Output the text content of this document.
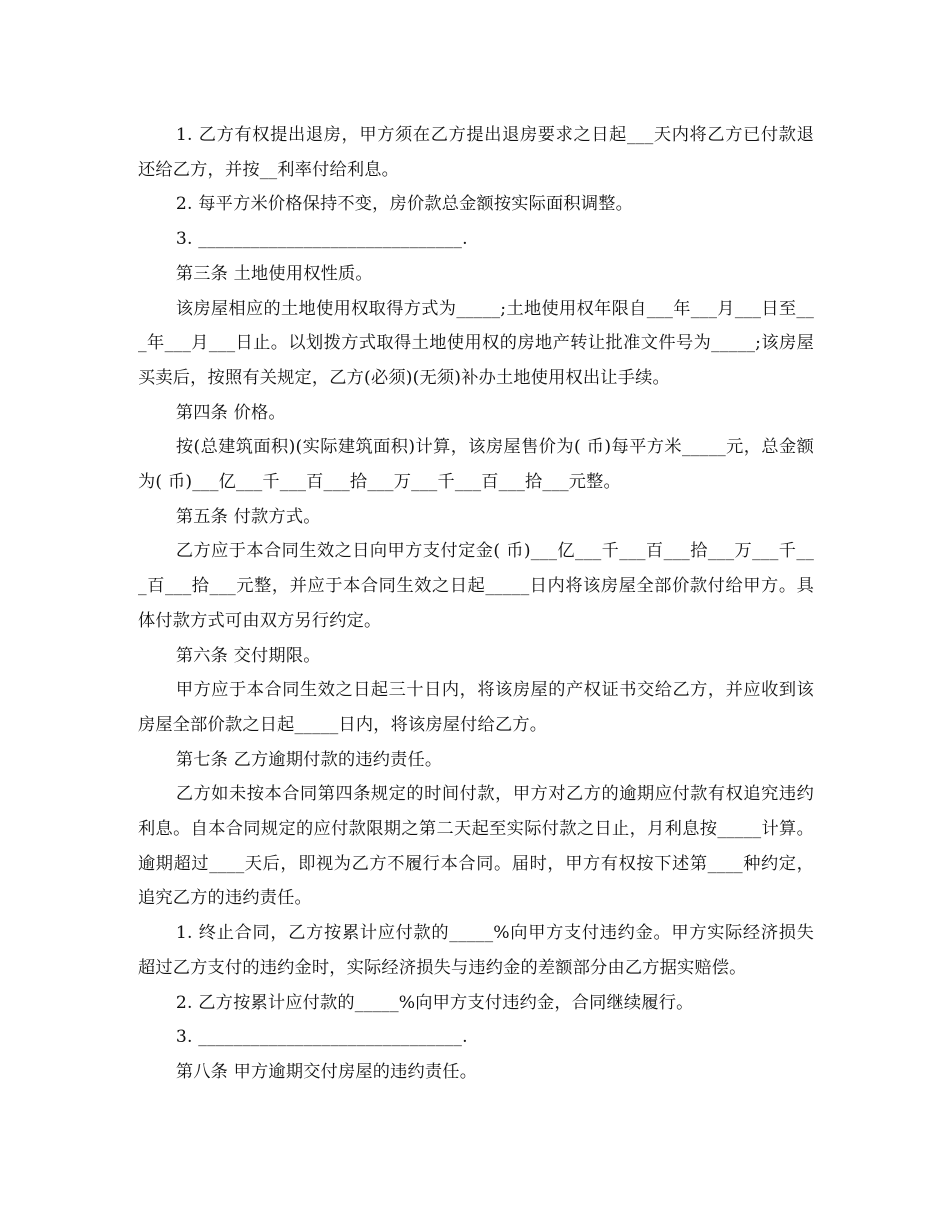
1. 乙方有权提出退房，甲方须在乙方提出退房要求之日起___天内将乙方已付款退还给乙方，并按__利率付给利息。

2. 每平方米价格保持不变，房价款总金额按实际面积调整。

3. ______________________________.

第三条 土地使用权性质。

该房屋相应的土地使用权取得方式为_____;土地使用权年限自___年___月___日至___年___月___日止。以划拨方式取得土地使用权的房地产转让批准文件号为_____;该房屋买卖后，按照有关规定，乙方(必须)(无须)补办土地使用权出让手续。

第四条 价格。

按(总建筑面积)(实际建筑面积)计算，该房屋售价为( 币)每平方米_____元，总金额为( 币)___亿___千___百___拾___万___千___百___拾___元整。

第五条 付款方式。

乙方应于本合同生效之日向甲方支付定金( 币)___亿___千___百___拾___万___千___百___拾___元整，并应于本合同生效之日起_____日内将该房屋全部价款付给甲方。具体付款方式可由双方另行约定。

第六条 交付期限。

甲方应于本合同生效之日起三十日内，将该房屋的产权证书交给乙方，并应收到该房屋全部价款之日起_____日内，将该房屋付给乙方。

第七条 乙方逾期付款的违约责任。

乙方如未按本合同第四条规定的时间付款，甲方对乙方的逾期应付款有权追究违约利息。自本合同规定的应付款限期之第二天起至实际付款之日止，月利息按_____计算。逾期超过____天后，即视为乙方不履行本合同。届时，甲方有权按下述第____种约定，追究乙方的违约责任。

1. 终止合同，乙方按累计应付款的_____%向甲方支付违约金。甲方实际经济损失超过乙方支付的违约金时，实际经济损失与违约金的差额部分由乙方据实赔偿。

2. 乙方按累计应付款的_____%向甲方支付违约金，合同继续履行。

3. ______________________________.

第八条 甲方逾期交付房屋的违约责任。
